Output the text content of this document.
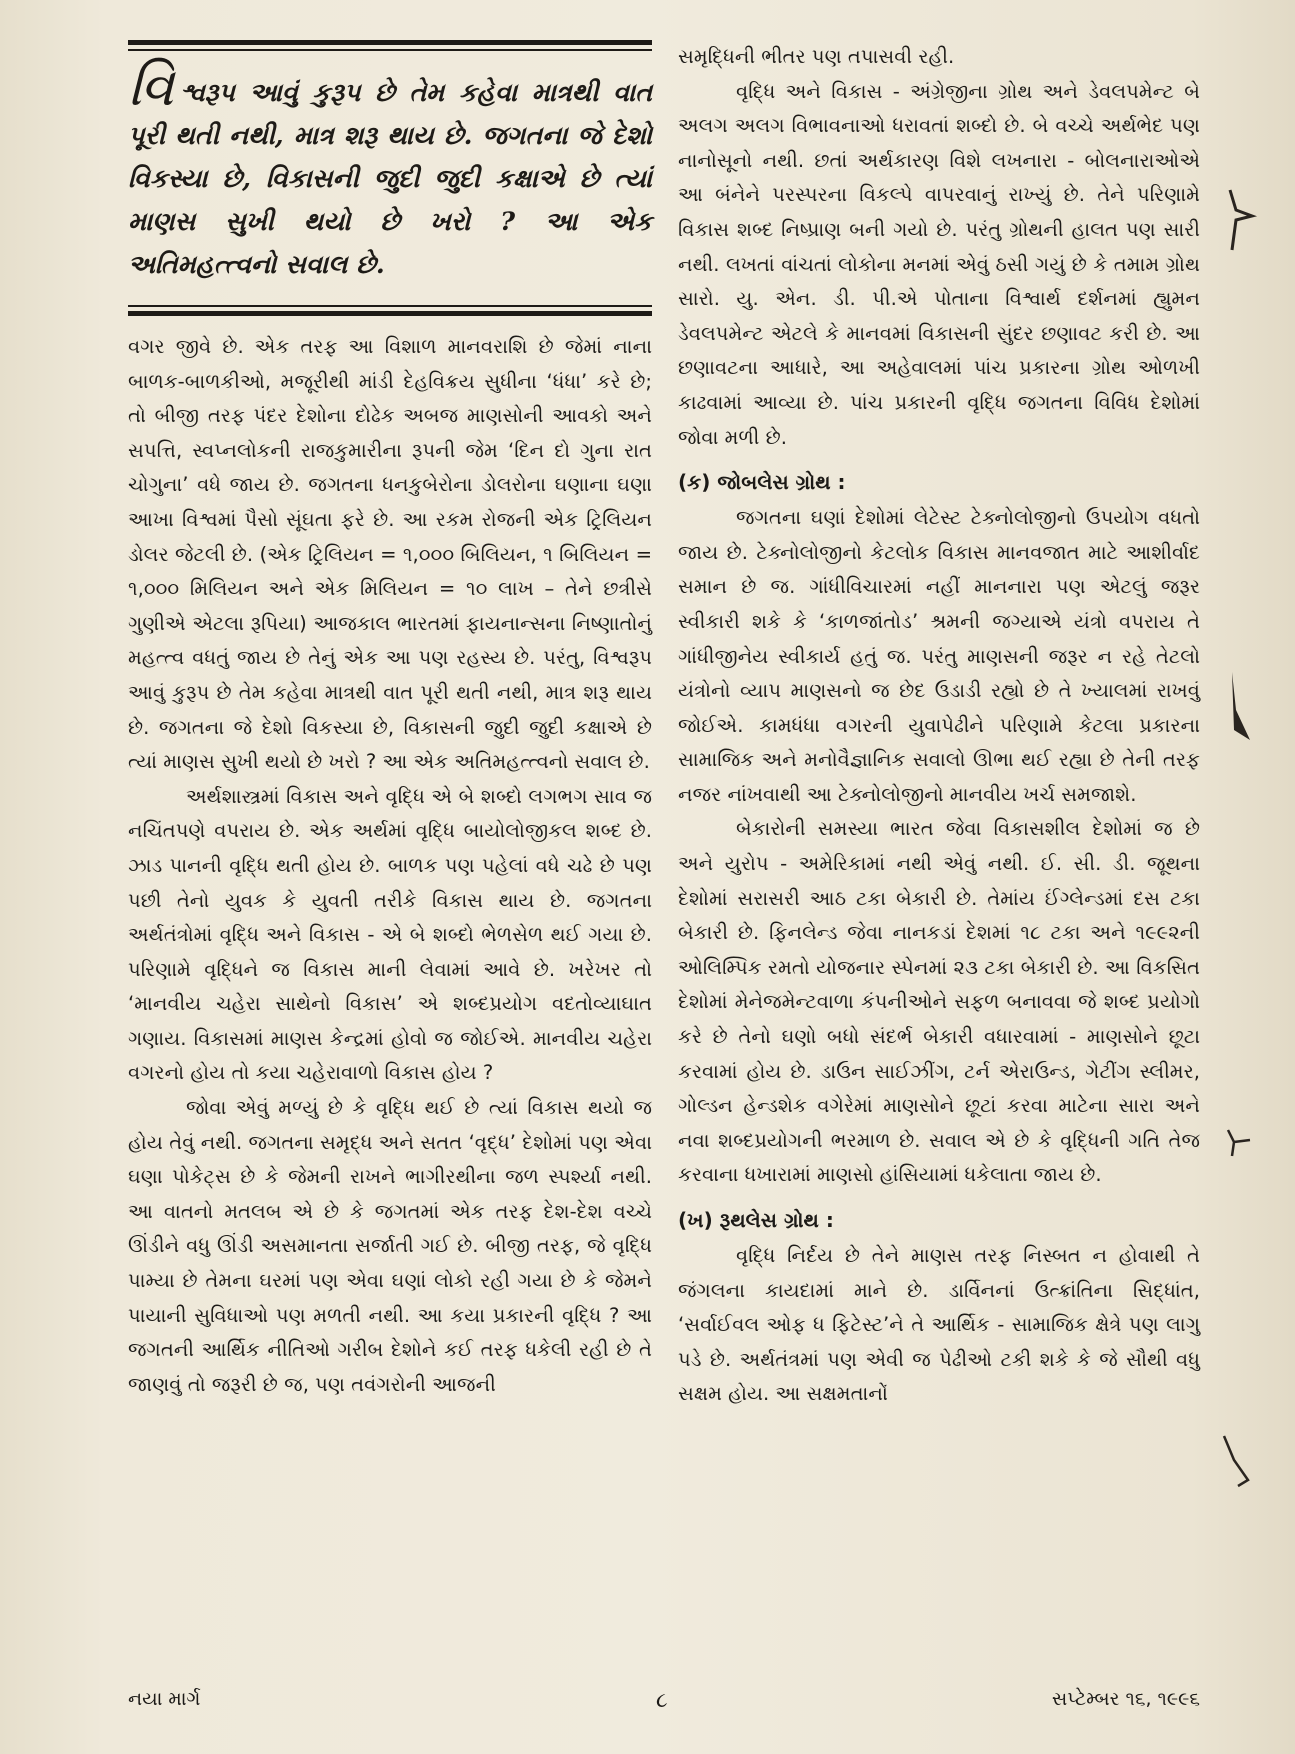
વિશ્વરૂપ આવું કુરૂપ છે તેમ કહેવા માત્રથી વાત પૂરી થતી નથી, માત્ર શરૂ થાય છે. જગતના જે દેશો વિકસ્યા છે, વિકાસની જુદી જુદી કક્ષાએ છે ત્યાં માણસ સુખી થયો છે ખરો ? આ એક અતિમહત્ત્વનો સવાલ છે.

વગર જીવે છે. એક તરફ આ વિશાળ માનવરાશિ છે જેમાં નાના બાળક-બાળકીઓ, મજૂરીથી માંડી દેહવિક્રય સુધીના ‘ધંધા’ કરે છે; તો બીજી તરફ પંદર દેશોના દોઢેક અબજ માણસોની આવકો અને સપત્તિ, સ્વપ્નલોકની રાજકુમારીના રૂપની જેમ ‘દિન દો ગુના રાત ચોગુના’ વધે જાય છે. જગતના ધનકુબેરોના ડોલરોના ઘણાના ઘણા આખા વિશ્વમાં પૈસો સૂંઘતા ફરે છે. આ રકમ રોજની એક ટ્રિલિયન ડોલર જેટલી છે. (એક ટ્રિલિયન = ૧,૦૦૦ બિલિયન, ૧ બિલિયન = ૧,૦૦૦ મિલિયન અને એક મિલિયન = ૧૦ લાખ – તેને છત્રીસે ગુણીએ એટલા રૂપિયા) આજકાલ ભારતમાં ફાયનાન્સના નિષ્ણાતોનું મહત્ત્વ વધતું જાય છે તેનું એક આ પણ રહસ્ય છે. પરંતુ, વિશ્વરૂપ આવું કુરૂપ છે તેમ કહેવા માત્રથી વાત પૂરી થતી નથી, માત્ર શરૂ થાય છે. જગતના જે દેશો વિકસ્યા છે, વિકાસની જુદી જુદી કક્ષાએ છે ત્યાં માણસ સુખી થયો છે ખરો ? આ એક અતિમહત્ત્વનો સવાલ છે.

અર્થશાસ્ત્રમાં વિકાસ અને વૃદ્ધિ એ બે શબ્દો લગભગ સાવ જ નચિંતપણે વપરાય છે. એક અર્થમાં વૃદ્ધિ બાયોલોજીકલ શબ્દ છે. ઝાડ પાનની વૃદ્ધિ થતી હોય છે. બાળક પણ પહેલાં વધે ચઢે છે પણ પછી તેનો યુવક કે યુવતી તરીકે વિકાસ થાય છે. જગતના અર્થતંત્રોમાં વૃદ્ધિ અને વિકાસ - એ બે શબ્દો ભેળસેળ થઈ ગયા છે. પરિણામે વૃદ્ધિને જ વિકાસ માની લેવામાં આવે છે. ખરેખર તો ‘માનવીય ચહેરા સાથેનો વિકાસ’ એ શબ્દપ્રયોગ વદતોવ્યાઘાત ગણાય. વિકાસમાં માણસ કેન્દ્રમાં હોવો જ જોઈએ. માનવીય ચહેરા વગરનો હોય તો કયા ચહેરાવાળો વિકાસ હોય ?

જોવા એવું મળ્યું છે કે વૃદ્ધિ થઈ છે ત્યાં વિકાસ થયો જ હોય તેવું નથી. જગતના સમૃદ્ધ અને સતત ‘વૃદ્ધ’ દેશોમાં પણ એવા ઘણા પોકેટ્સ છે કે જેમની રાખને ભાગીરથીના જળ સ્પર્શ્યા નથી. આ વાતનો મતલબ એ છે કે જગતમાં એક તરફ દેશ-દેશ વચ્ચે ઊંડીને વધુ ઊંડી અસમાનતા સર્જાતી ગઈ છે. બીજી તરફ, જે વૃદ્ધિ પામ્યા છે તેમના ઘરમાં પણ એવા ઘણાં લોકો રહી ગયા છે કે જેમને પાયાની સુવિધાઓ પણ મળતી નથી. આ કયા પ્રકારની વૃદ્ધિ ? આ જગતની આર્થિક નીતિઓ ગરીબ દેશોને કઈ તરફ ધકેલી રહી છે તે જાણવું તો જરૂરી છે જ, પણ તવંગરોની આજની

સમૃદ્ધિની ભીતર પણ તપાસવી રહી.

વૃદ્ધિ અને વિકાસ - અંગ્રેજીના ગ્રોથ અને ડેવલપમેન્ટ બે અલગ અલગ વિભાવનાઓ ધરાવતાં શબ્દો છે. બે વચ્ચે અર્થભેદ પણ નાનોસૂનો નથી. છતાં અર્થકારણ વિશે લખનારા - બોલનારાઓએ આ બંનેને પરસ્પરના વિકલ્પે વાપરવાનું રાખ્યું છે. તેને પરિણામે વિકાસ શબ્દ નિષ્પ્રાણ બની ગયો છે. પરંતુ ગ્રોથની હાલત પણ સારી નથી. લખતાં વાંચતાં લોકોના મનમાં એવું ઠસી ગયું છે કે તમામ ગ્રોથ સારો. યુ. એન. ડી. પી.એ પોતાના વિશ્વાર્થ દર્શનમાં હ્યુમન ડેવલપમેન્ટ એટલે કે માનવમાં વિકાસની સુંદર છણાવટ કરી છે. આ છણાવટના આધારે, આ અહેવાલમાં પાંચ પ્રકારના ગ્રોથ ઓળખી કાઢવામાં આવ્યા છે. પાંચ પ્રકારની વૃદ્ધિ જગતના વિવિધ દેશોમાં જોવા મળી છે.

(ક) જોબલેસ ગ્રોથ :

જગતના ઘણાં દેશોમાં લેટેસ્ટ ટેક્નોલોજીનો ઉપયોગ વધતો જાય છે. ટેક્નોલોજીનો કેટલોક વિકાસ માનવજાત માટે આશીર્વાદ સમાન છે જ. ગાંધીવિચારમાં નહીં માનનારા પણ એટલું જરૂર સ્વીકારી શકે કે ‘કાળજાંતોડ’ શ્રમની જગ્યાએ યંત્રો વપરાય તે ગાંધીજીનેય સ્વીકાર્ય હતું જ. પરંતુ માણસની જરૂર ન રહે તેટલો યંત્રોનો વ્યાપ માણસનો જ છેદ ઉડાડી રહ્યો છે તે ખ્યાલમાં રાખવું જોઈએ. કામધંધા વગરની યુવાપેઢીને પરિણામે કેટલા પ્રકારના સામાજિક અને મનોવૈજ્ઞાનિક સવાલો ઊભા થઈ રહ્યા છે તેની તરફ નજર નાંખવાથી આ ટેક્નોલોજીનો માનવીય ખર્ચ સમજાશે.

બેકારોની સમસ્યા ભારત જેવા વિકાસશીલ દેશોમાં જ છે અને યુરોપ - અમેરિકામાં નથી એવું નથી. ઈ. સી. ડી. જૂથના દેશોમાં સરાસરી આઠ ટકા બેકારી છે. તેમાંય ઈંગ્લેન્ડમાં દસ ટકા બેકારી છે. ફિનલેન્ડ જેવા નાનકડાં દેશમાં ૧૮ ટકા અને ૧૯૯૨ની ઓલિમ્પિક રમતો યોજનાર સ્પેનમાં ૨૩ ટકા બેકારી છે. આ વિકસિત દેશોમાં મેનેજમેન્ટવાળા કંપનીઓને સફળ બનાવવા જે શબ્દ પ્રયોગો કરે છે તેનો ઘણો બધો સંદર્ભ બેકારી વધારવામાં - માણસોને છૂટા કરવામાં હોય છે. ડાઉન સાઈઝીંગ, ટર્ન એરાઉન્ડ, ગેટીંગ સ્લીમર, ગોલ્ડન હેન્ડશેક વગેરેમાં માણસોને છૂટાં કરવા માટેના સારા અને નવા શબ્દપ્રયોગની ભરમાળ છે. સવાલ એ છે કે વૃદ્ધિની ગતિ તેજ કરવાના ધખારામાં માણસો હાંસિયામાં ધકેલાતા જાય છે.

(ખ) રૂથલેસ ગ્રોથ :

વૃદ્ધિ નિર્દય છે તેને માણસ તરફ નિસ્બત ન હોવાથી તે જંગલના કાયદામાં માને છે. ડાર્વિનનાં ઉત્ક્રાંતિના સિદ્ધાંત, ‘સર્વાઈવલ ઓફ ધ ફિટેસ્ટ’ને તે આર્થિક - સામાજિક ક્ષેત્રે પણ લાગુ પડે છે. અર્થતંત્રમાં પણ એવી જ પેઢીઓ ટકી શકે કે જે સૌથી વધુ સક્ષમ હોય. આ સક્ષમતાનોં

નયા માર્ગ	૮	સપ્ટેમ્બર ૧૬, ૧૯૯૬
